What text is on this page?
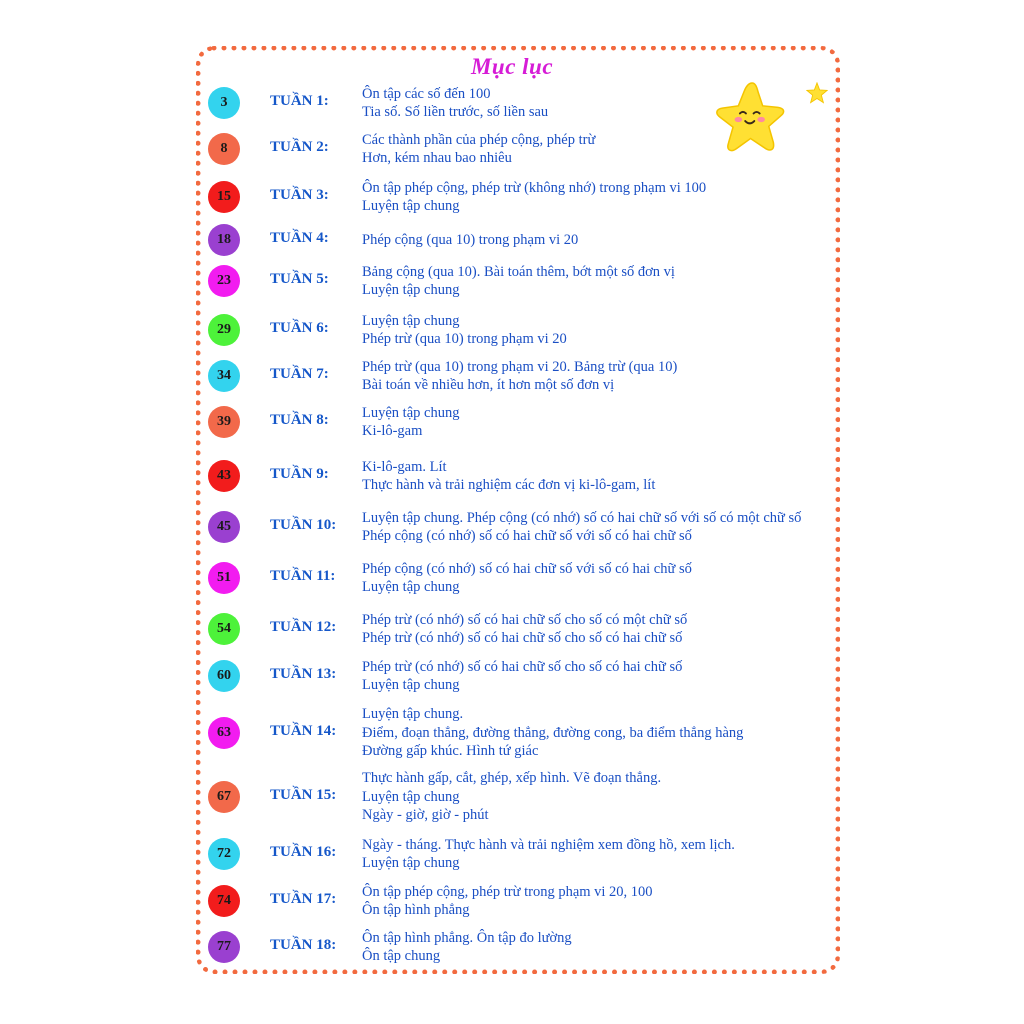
Mục lục
3	TUẦN 1:	Ôn tập các số đến 100
Tia số. Số liền trước, số liền sau
8	TUẦN 2:	Các thành phần của phép cộng, phép trừ
Hơn, kém nhau bao nhiêu
15	TUẦN 3:	Ôn tập phép cộng, phép trừ (không nhớ) trong phạm vi 100
Luyện tập chung
18	TUẦN 4:	Phép cộng (qua 10) trong phạm vi 20
23	TUẦN 5:	Bảng cộng (qua 10). Bài toán thêm, bớt một số đơn vị
Luyện tập chung
29	TUẦN 6:	Luyện tập chung
Phép trừ (qua 10) trong phạm vi 20
34	TUẦN 7:	Phép trừ (qua 10) trong phạm vi 20. Bảng trừ (qua 10)
Bài toán về nhiều hơn, ít hơn một số đơn vị
39	TUẦN 8:	Luyện tập chung
Ki-lô-gam
43	TUẦN 9:	Ki-lô-gam. Lít
Thực hành và trải nghiệm các đơn vị ki-lô-gam, lít
45	TUẦN 10:	Luyện tập chung. Phép cộng (có nhớ) số có hai chữ số với số có một chữ số
Phép cộng (có nhớ) số có hai chữ số với số có hai chữ số
51	TUẦN 11:	Phép cộng (có nhớ) số có hai chữ số với số có hai chữ số
Luyện tập chung
54	TUẦN 12:	Phép trừ (có nhớ) số có hai chữ số cho số có một chữ số
Phép trừ (có nhớ) số có hai chữ số cho số có hai chữ số
60	TUẦN 13:	Phép trừ (có nhớ) số có hai chữ số cho số có hai chữ số
Luyện tập chung
63	TUẦN 14:
Luyện tập chung.
Điểm, đoạn thẳng, đường thẳng, đường cong, ba điểm thẳng hàng
Đường gấp khúc. Hình tứ giác
67	TUẦN 15:
Thực hành gấp, cắt, ghép, xếp hình. Vẽ đoạn thẳng.
Luyện tập chung
Ngày - giờ, giờ - phút
72	TUẦN 16:	Ngày - tháng. Thực hành và trải nghiệm xem đồng hồ, xem lịch.
Luyện tập chung
74	TUẦN 17:	Ôn tập phép cộng, phép trừ trong phạm vi 20, 100
Ôn tập hình phẳng
77	TUẦN 18:	Ôn tập hình phẳng. Ôn tập đo lường
Ôn tập chung
